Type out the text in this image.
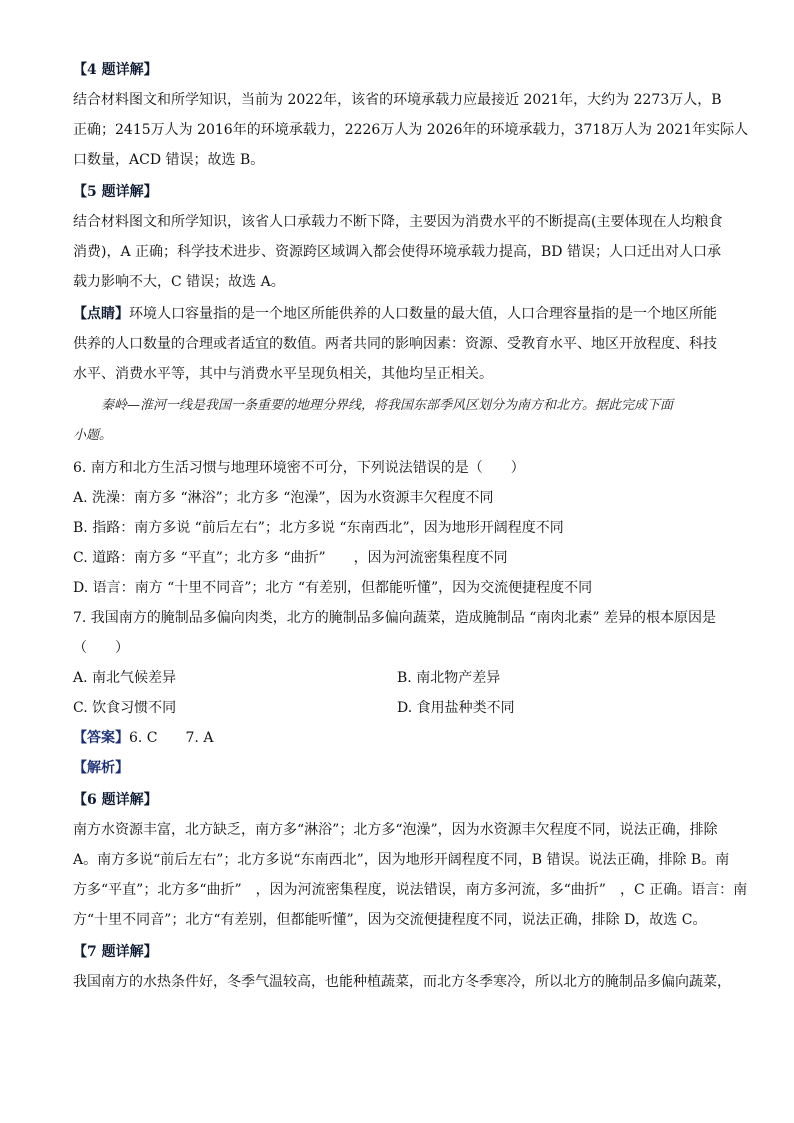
【4 题详解】

结合材料图文和所学知识，当前为 2022年，该省的环境承载力应最接近 2021年，大约为 2273万人，B

正确；2415万人为 2016年的环境承载力，2226万人为 2026年的环境承载力，3718万人为 2021年实际人

口数量，ACD 错误；故选 B。

【5 题详解】

结合材料图文和所学知识，该省人口承载力不断下降，主要因为消费水平的不断提高(主要体现在人均粮食

消费)，A 正确；科学技术进步、资源跨区域调入都会使得环境承载力提高，BD 错误；人口迁出对人口承

载力影响不大，C 错误；故选 A。

【点睛】环境人口容量指的是一个地区所能供养的人口数量的最大值，人口合理容量指的是一个地区所能

供养的人口数量的合理或者适宜的数值。两者共同的影响因素：资源、受教育水平、地区开放程度、科技

水平、消费水平等，其中与消费水平呈现负相关，其他均呈正相关。

秦岭—淮河一线是我国一条重要的地理分界线，将我国东部季风区划分为南方和北方。据此完成下面

小题。

6. 南方和北方生活习惯与地理环境密不可分，下列说法错误的是（　　）

A. 洗澡：南方多 “淋浴”；北方多 “泡澡”，因为水资源丰欠程度不同

B. 指路：南方多说 “前后左右”；北方多说 “东南西北”，因为地形开阔程度不同

C. 道路：南方多 “平直”；北方多 “曲折”　　，因为河流密集程度不同

D. 语言：南方 “十里不同音”；北方 “有差别，但都能听懂”，因为交流便捷程度不同

7. 我国南方的腌制品多偏向肉类，北方的腌制品多偏向蔬菜，造成腌制品 “南肉北素” 差异的根本原因是

（　　）

A. 南北气候差异	B. 南北物产差异
C. 饮食习惯不同	D. 食用盐种类不同

【答案】6. C　　7. A

【解析】

【6 题详解】

南方水资源丰富，北方缺乏，南方多“淋浴”；北方多“泡澡”，因为水资源丰欠程度不同，说法正确，排除

A。南方多说“前后左右”；北方多说“东南西北”，因为地形开阔程度不同，B 错误。说法正确，排除 B。南

方多“平直”；北方多“曲折”　，因为河流密集程度，说法错误，南方多河流，多“曲折”　，C 正确。语言：南

方“十里不同音”；北方“有差别，但都能听懂”，因为交流便捷程度不同，说法正确，排除 D，故选 C。

【7 题详解】

我国南方的水热条件好，冬季气温较高，也能种植蔬菜，而北方冬季寒冷，所以北方的腌制品多偏向蔬菜，
